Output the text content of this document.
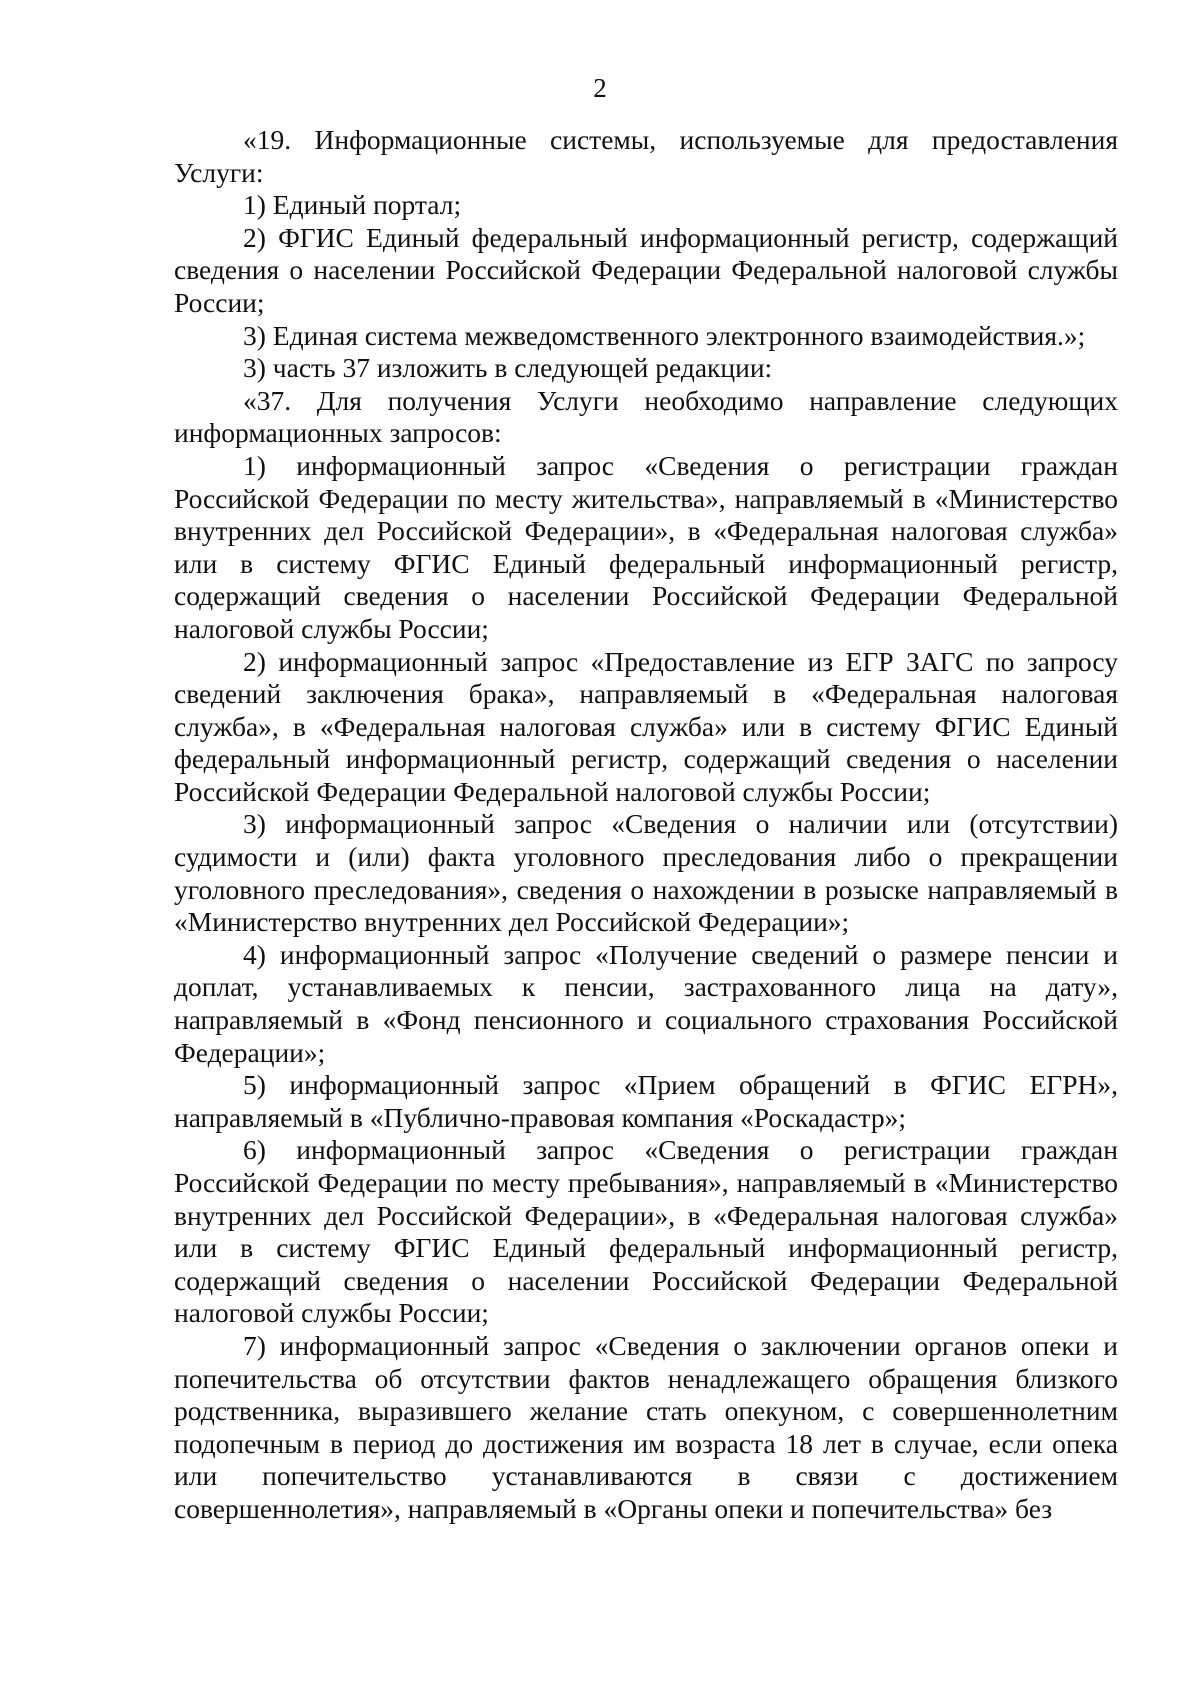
2

«19. Информационные системы, используемые для предоставления Услуги:

1) Единый портал;

2) ФГИС Единый федеральный информационный регистр, содержащий сведения о населении Российской Федерации Федеральной налоговой службы России;

3) Единая система межведомственного электронного взаимодействия.»;

3) часть 37 изложить в следующей редакции:

«37. Для получения Услуги необходимо направление следующих информационных запросов:

1) информационный запрос «Сведения о регистрации граждан Российской Федерации по месту жительства», направляемый в «Министерство внутренних дел Российской Федерации», в «Федеральная налоговая служба» или в систему ФГИС Единый федеральный информационный регистр, содержащий сведения о населении Российской Федерации Федеральной налоговой службы России;

2) информационный запрос «Предоставление из ЕГР ЗАГС по запросу сведений заключения брака», направляемый в «Федеральная налоговая служба», в «Федеральная налоговая служба» или в систему ФГИС Единый федеральный информационный регистр, содержащий сведения о населении Российской Федерации Федеральной налоговой службы России;

3) информационный запрос «Сведения о наличии или (отсутствии) судимости и (или) факта уголовного преследования либо о прекращении уголовного преследования», сведения о нахождении в розыске направляемый в «Министерство внутренних дел Российской Федерации»;

4) информационный запрос «Получение сведений о размере пенсии и доплат, устанавливаемых к пенсии, застрахованного лица на дату», направляемый в «Фонд пенсионного и социального страхования Российской Федерации»;

5) информационный запрос «Прием обращений в ФГИС ЕГРН», направляемый в «Публично-правовая компания «Роскадастр»;

6) информационный запрос «Сведения о регистрации граждан Российской Федерации по месту пребывания», направляемый в «Министерство внутренних дел Российской Федерации», в «Федеральная налоговая служба» или в систему ФГИС Единый федеральный информационный регистр, содержащий сведения о населении Российской Федерации Федеральной налоговой службы России;

7) информационный запрос «Сведения о заключении органов опеки и попечительства об отсутствии фактов ненадлежащего обращения близкого родственника, выразившего желание стать опекуном, с совершеннолетним подопечным в период до достижения им возраста 18 лет в случае, если опека или попечительство устанавливаются в связи с достижением совершеннолетия», направляемый в «Органы опеки и попечительства» без
